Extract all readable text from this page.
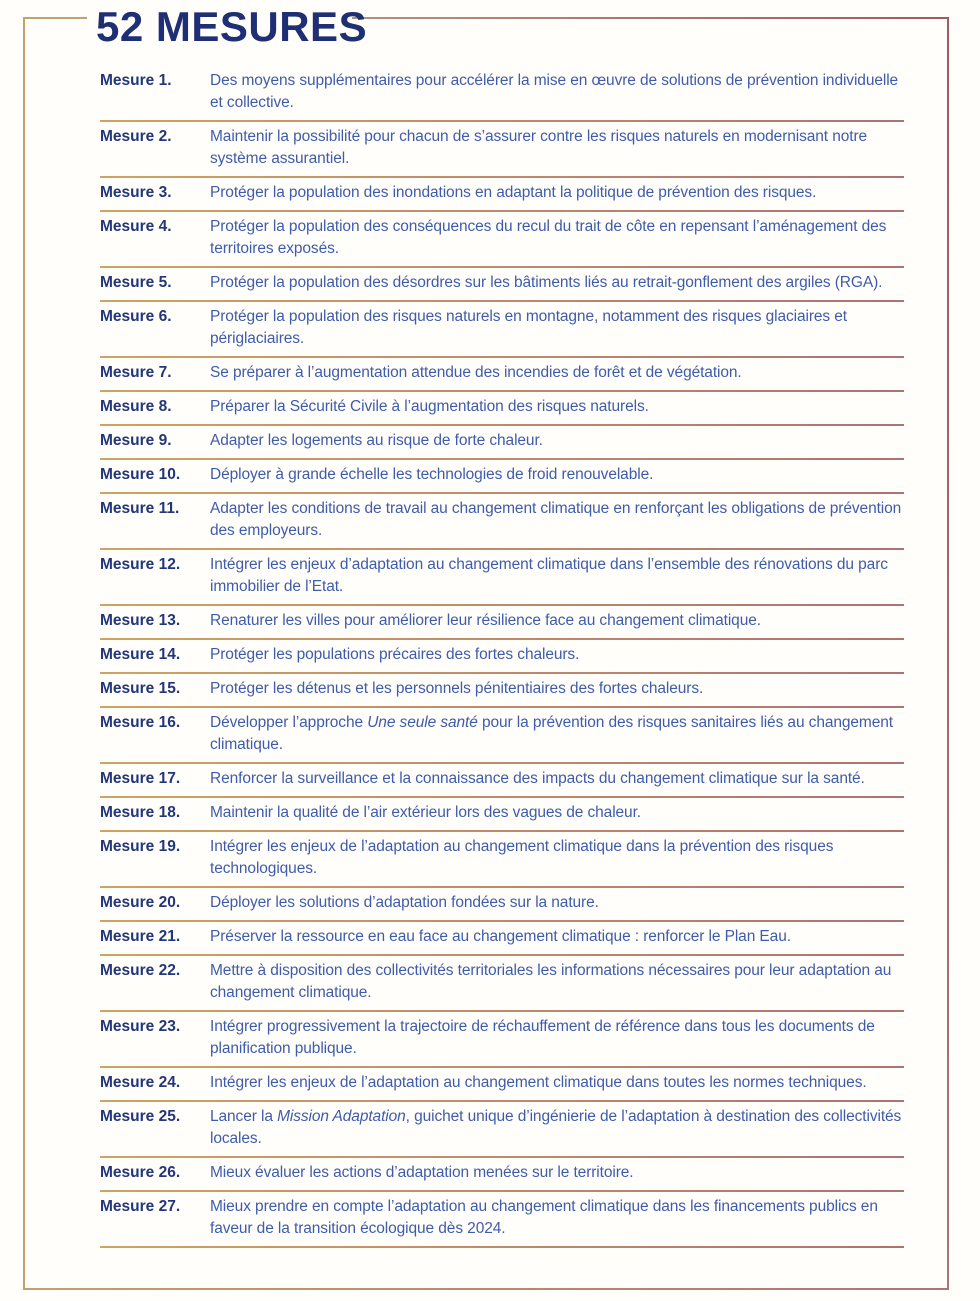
52 MESURES
Mesure 1.	Des moyens supplémentaires pour accélérer la mise en œuvre de solutions de prévention individuelle et collective.
Mesure 2.	Maintenir la possibilité pour chacun de s’assurer contre les risques naturels en modernisant notre système assurantiel.
Mesure 3.	Protéger la population des inondations en adaptant la politique de prévention des risques.
Mesure 4.	Protéger la population des conséquences du recul du trait de côte en repensant l’aménagement des territoires exposés.
Mesure 5.	Protéger la population des désordres sur les bâtiments liés au retrait-gonflement des argiles (RGA).
Mesure 6.	Protéger la population des risques naturels en montagne, notamment des risques glaciaires et périglaciaires.
Mesure 7.	Se préparer à l’augmentation attendue des incendies de forêt et de végétation.
Mesure 8.	Préparer la Sécurité Civile à l’augmentation des risques naturels.
Mesure 9.	Adapter les logements au risque de forte chaleur.
Mesure 10.	Déployer à grande échelle les technologies de froid renouvelable.
Mesure 11.	Adapter les conditions de travail au changement climatique en renforçant les obligations de prévention des employeurs.
Mesure 12.	Intégrer les enjeux d’adaptation au changement climatique dans l’ensemble des rénovations du parc immobilier de l’Etat.
Mesure 13.	Renaturer les villes pour améliorer leur résilience face au changement climatique.
Mesure 14.	Protéger les populations précaires des fortes chaleurs.
Mesure 15.	Protéger les détenus et les personnels pénitentiaires des fortes chaleurs.
Mesure 16.	Développer l’approche Une seule santé pour la prévention des risques sanitaires liés au changement climatique.
Mesure 17.	Renforcer la surveillance et la connaissance des impacts du changement climatique sur la santé.
Mesure 18.	Maintenir la qualité de l’air extérieur lors des vagues de chaleur.
Mesure 19.	Intégrer les enjeux de l’adaptation au changement climatique dans la prévention des risques technologiques.
Mesure 20.	Déployer les solutions d’adaptation fondées sur la nature.
Mesure 21.	Préserver la ressource en eau face au changement climatique : renforcer le Plan Eau.
Mesure 22.	Mettre à disposition des collectivités territoriales les informations nécessaires pour leur adaptation au changement climatique.
Mesure 23.	Intégrer progressivement la trajectoire de réchauffement de référence dans tous les documents de planification publique.
Mesure 24.	Intégrer les enjeux de l’adaptation au changement climatique dans toutes les normes techniques.
Mesure 25.	Lancer la Mission Adaptation, guichet unique d’ingénierie de l’adaptation à destination des collectivités locales.
Mesure 26.	Mieux évaluer les actions d’adaptation menées sur le territoire.
Mesure 27.	Mieux prendre en compte l’adaptation au changement climatique dans les financements publics en faveur de la transition écologique dès 2024.
